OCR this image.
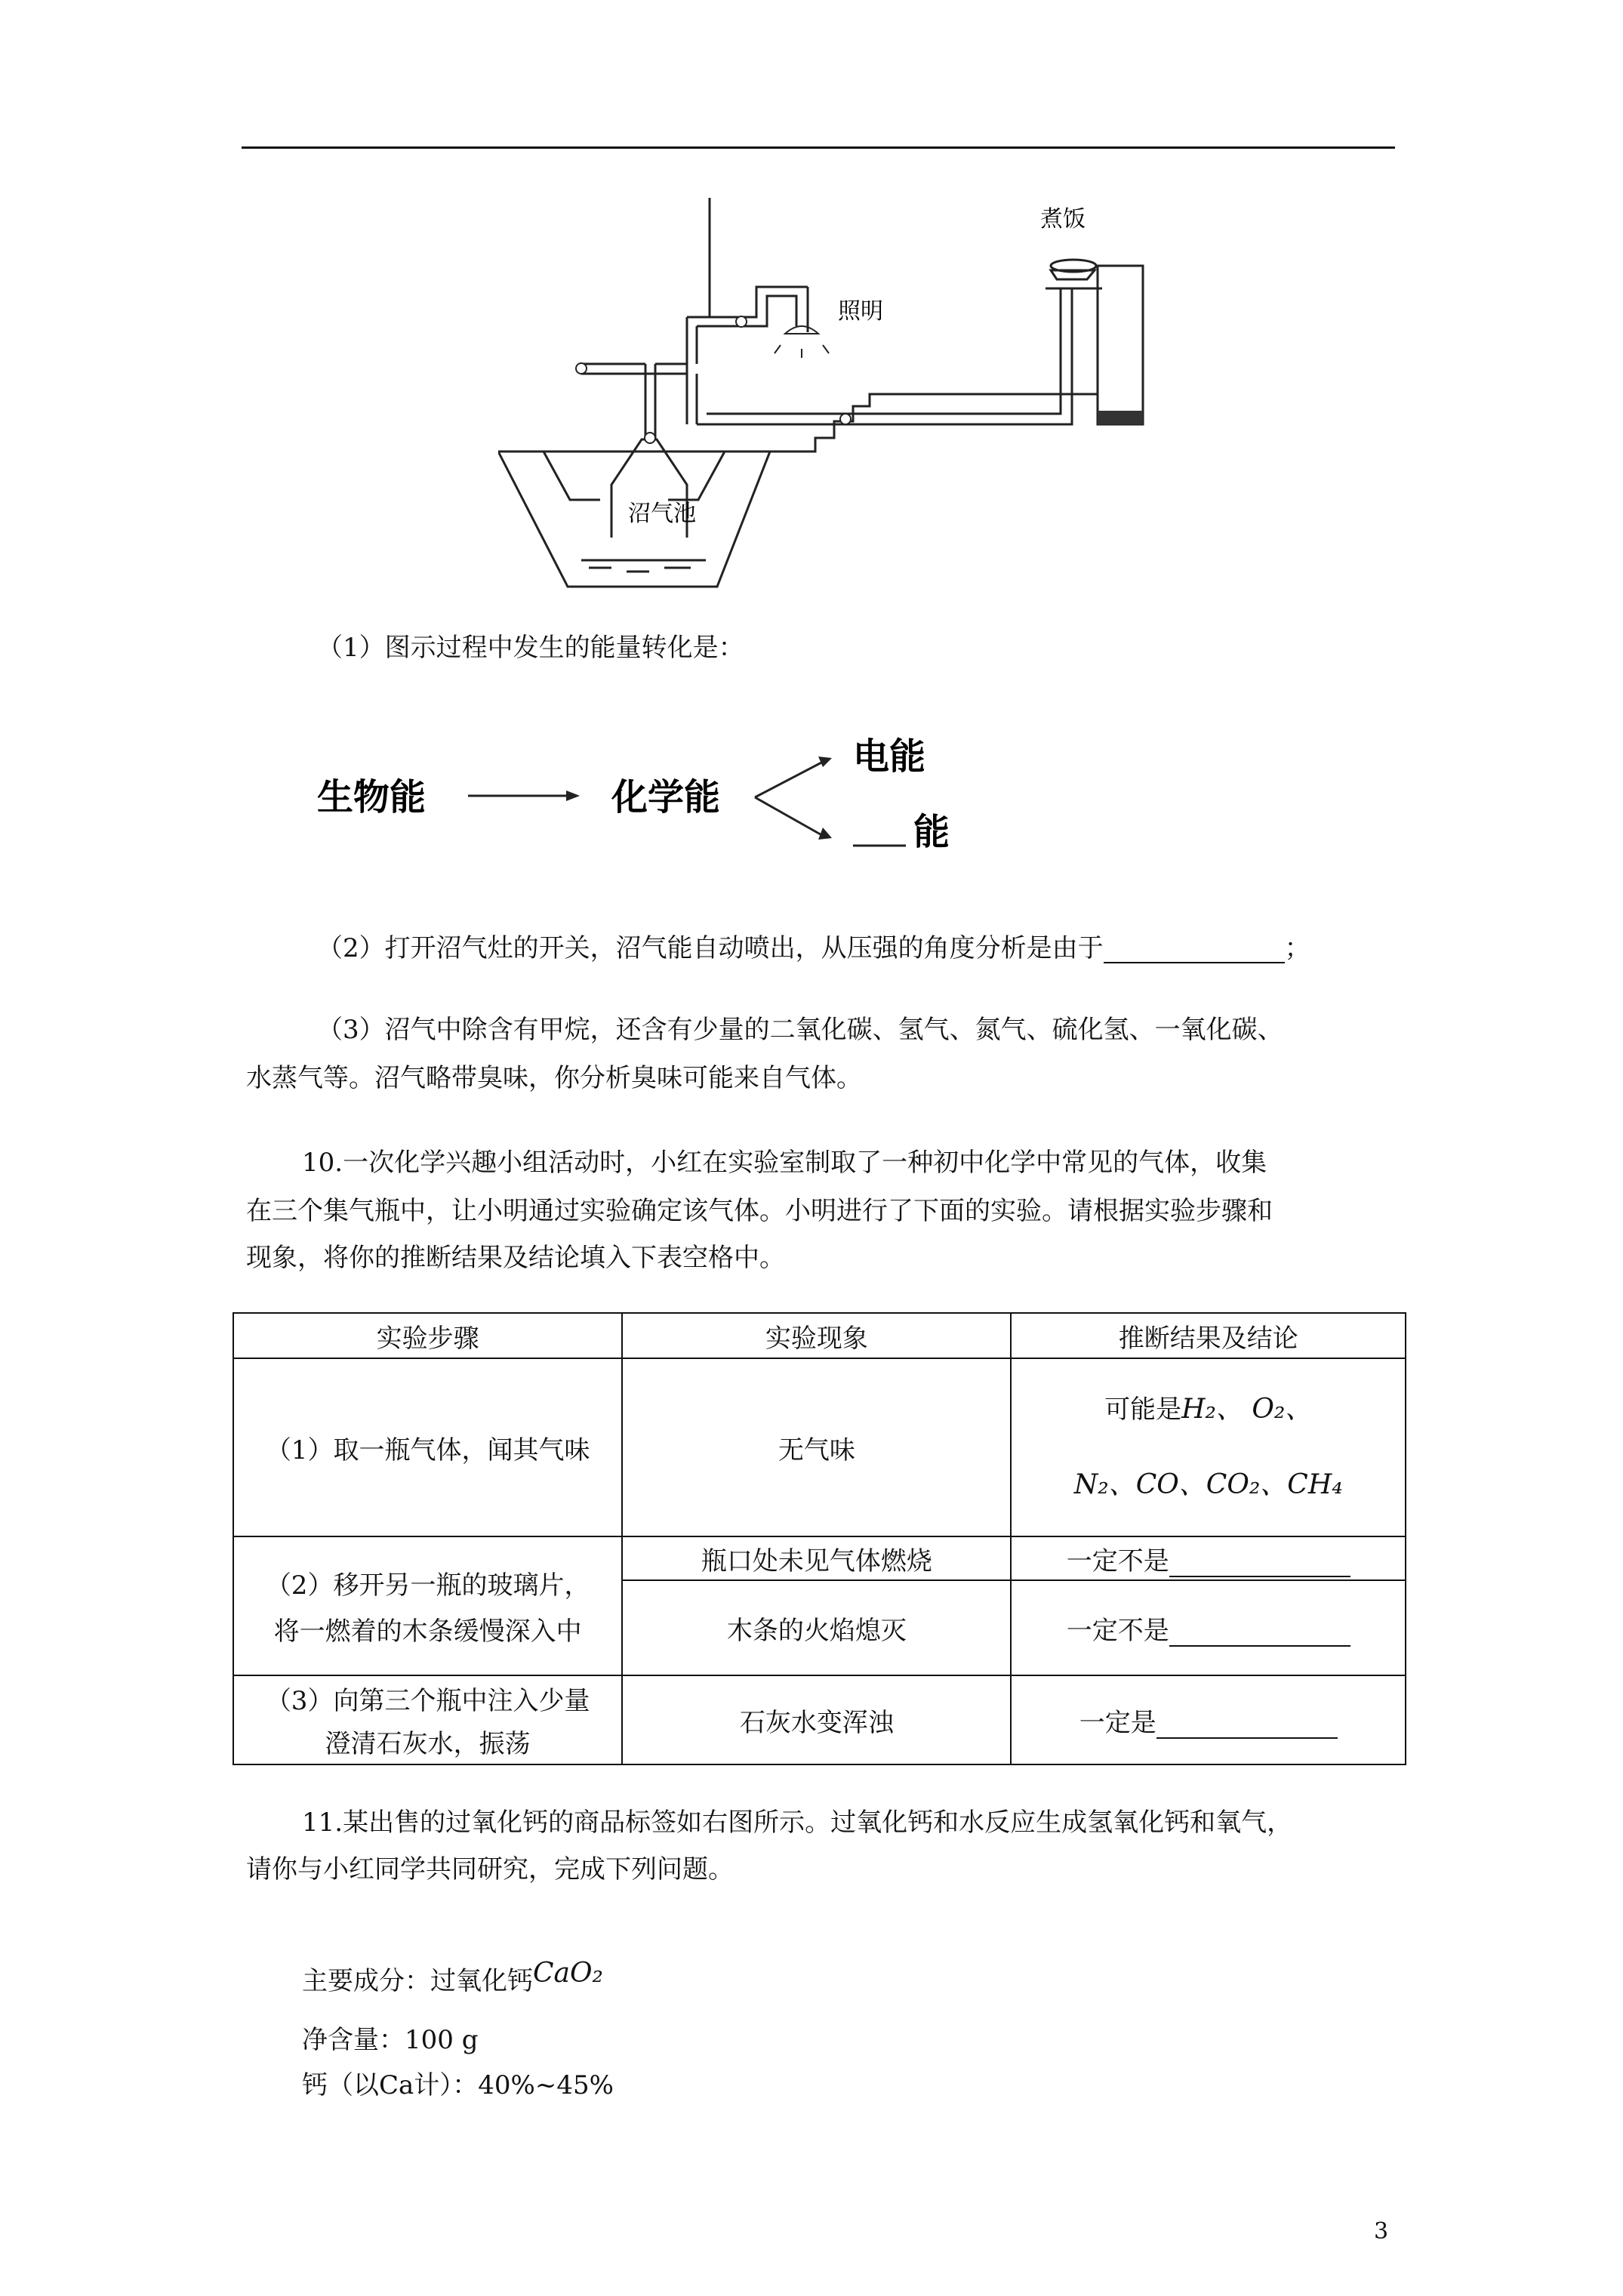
煮饭
照明
沼气池
（1）图示过程中发生的能量转化是：
生物能	化学能
电能
能
（2）打开沼气灶的开关，沼气能自动喷出，从压强的角度分析是由于	；
（3）沼气中除含有甲烷，还含有少量的二氧化碳、氢气、氮气、硫化氢、一氧化碳、
水蒸气等。沼气略带臭味，你分析臭味可能来自气体。
10.一次化学兴趣小组活动时，小红在实验室制取了一种初中化学中常见的气体，收集
在三个集气瓶中，让小明通过实验确定该气体。小明进行了下面的实验。请根据实验步骤和
现象，将你的推断结果及结论填入下表空格中。
实验步骤	实验现象	推断结果及结论
（1）取一瓶气体，闻其气味	无气味	可能是H₂、 O₂、
N₂、CO、CO₂、CH₄

（2）移开另一瓶的玻璃片，
将一燃着的木条缓慢深入中	瓶口处未见气体燃烧	一定不是
	木条的火焰熄灭	一定不是

（3）向第三个瓶中注入少量
澄清石灰水，振荡	石灰水变浑浊	一定是
11.某出售的过氧化钙的商品标签如右图所示。过氧化钙和水反应生成氢氧化钙和氧气，
请你与小红同学共同研究，完成下列问题。
主要成分：过氧化钙CaO₂
净含量：100 g
钙（以Ca计）：40%~45%
3
